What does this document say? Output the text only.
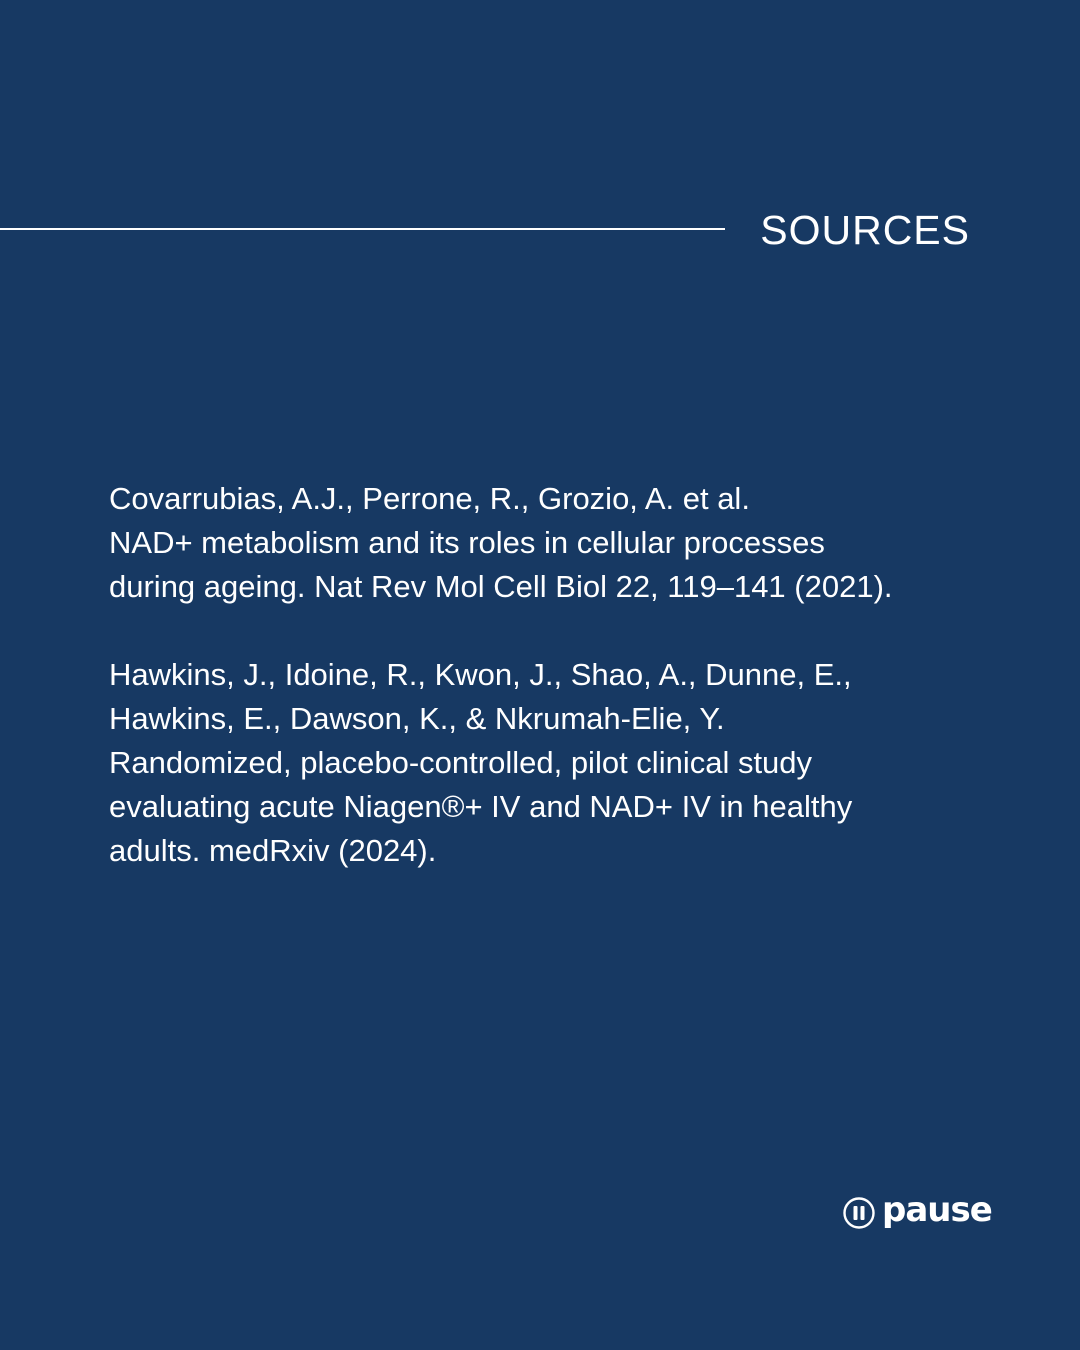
SOURCES
Covarrubias, A.J., Perrone, R., Grozio, A. et al.
NAD+ metabolism and its roles in cellular processes
during ageing. Nat Rev Mol Cell Biol 22, 119–141 (2021).
Hawkins, J., Idoine, R., Kwon, J., Shao, A., Dunne, E.,
Hawkins, E., Dawson, K., & Nkrumah-Elie, Y.
Randomized, placebo-controlled, pilot clinical study
evaluating acute Niagen®+ IV and NAD+ IV in healthy
adults. medRxiv (2024).
pause
